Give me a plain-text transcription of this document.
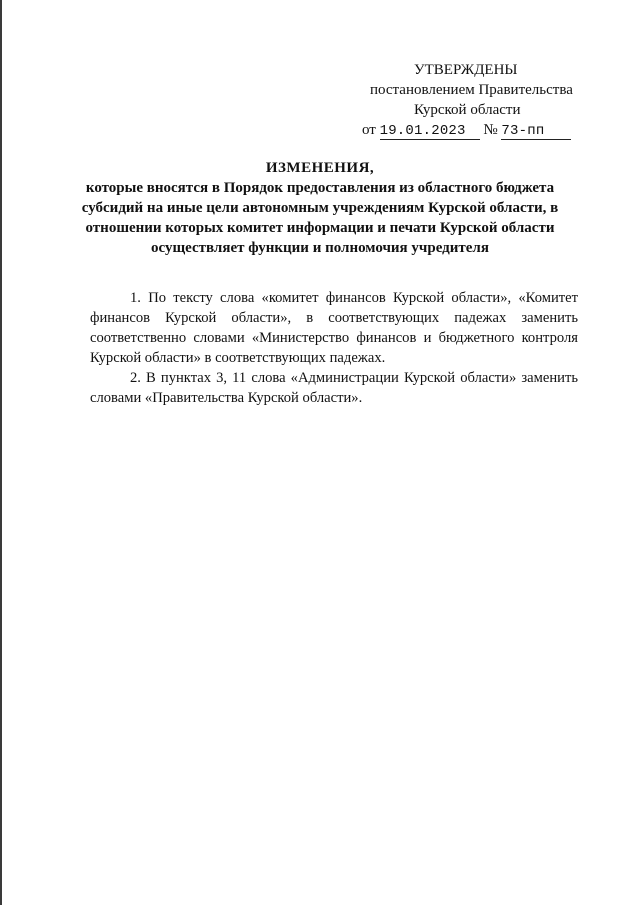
УТВЕРЖДЕНЫ
постановлением Правительства
Курской области
от 19.01.2023 № 73-пп
ИЗМЕНЕНИЯ,
которые вносятся в Порядок предоставления из областного бюджета
субсидий на иные цели автономным учреждениям Курской области, в
отношении которых комитет информации и печати Курской области
осуществляет функции и полномочия учредителя

1. По тексту слова «комитет финансов Курской области», «Комитет финансов Курской области», в соответствующих падежах заменить соответственно словами «Министерство финансов и бюджетного контроля Курской области» в соответствующих падежах.

2. В пунктах 3, 11 слова «Администрации Курской области» заменить словами «Правительства Курской области».
